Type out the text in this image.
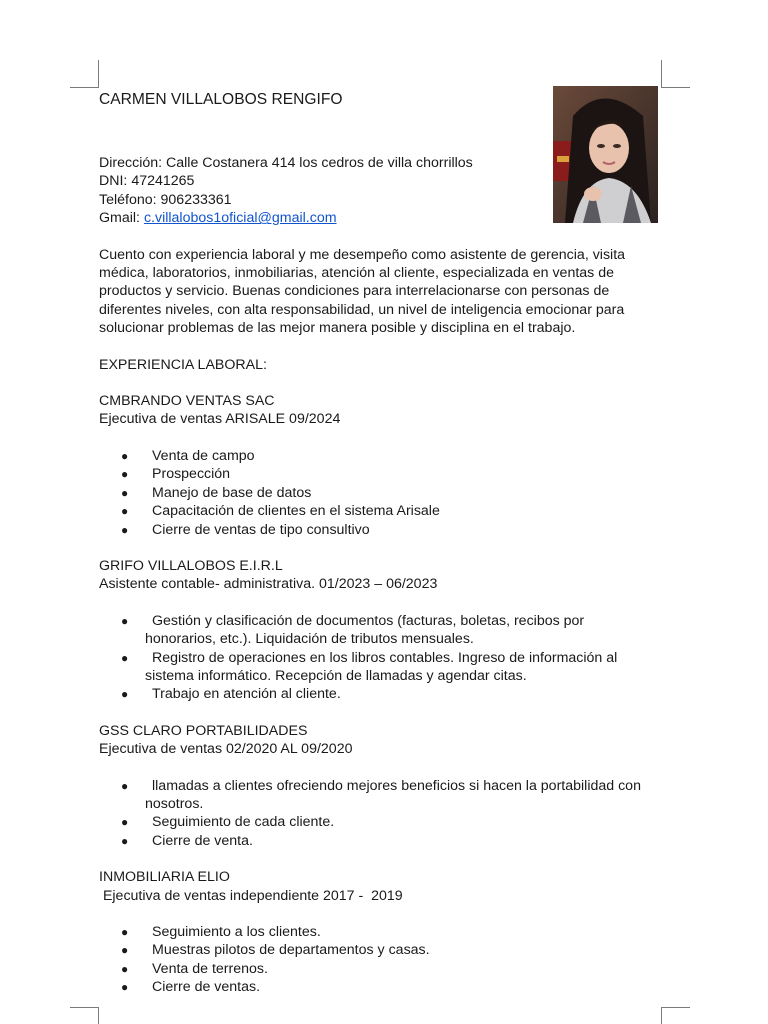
CARMEN VILLALOBOS RENGIFO
Dirección: Calle Costanera 414 los cedros de villa chorrillos
DNI: 47241265
Teléfono: 906233361
Gmail: c.villalobos1oficial@gmail.com

Cuento con experiencia laboral y me desempeño como asistente de gerencia, visita médica, laboratorios, inmobiliarias, atención al cliente, especializada en ventas de productos y servicio. Buenas condiciones para interrelacionarse con personas de diferentes niveles, con alta responsabilidad, un nivel de inteligencia emocionar para solucionar problemas de las mejor manera posible y disciplina en el trabajo.

EXPERIENCIA LABORAL:

CMBRANDO VENTAS SAC

Ejecutiva de ventas ARISALE 09/2024

● Venta de campo
● Prospección
● Manejo de base de datos
● Capacitación de clientes en el sistema Arisale
● Cierre de ventas de tipo consultivo

GRIFO VILLALOBOS E.I.R.L

Asistente contable- administrativa. 01/2023 – 06/2023

● Gestión y clasificación de documentos (facturas, boletas, recibos por honorarios, etc.). Liquidación de tributos mensuales.
● Registro de operaciones en los libros contables. Ingreso de información al sistema informático. Recepción de llamadas y agendar citas.
● Trabajo en atención al cliente.

GSS CLARO PORTABILIDADES

Ejecutiva de ventas 02/2020 AL 09/2020

● llamadas a clientes ofreciendo mejores beneficios si hacen la portabilidad con nosotros.
● Seguimiento de cada cliente.
● Cierre de venta.

INMOBILIARIA ELIO

Ejecutiva de ventas independiente 2017 -  2019

● Seguimiento a los clientes.
● Muestras pilotos de departamentos y casas.
● Venta de terrenos.
● Cierre de ventas.
